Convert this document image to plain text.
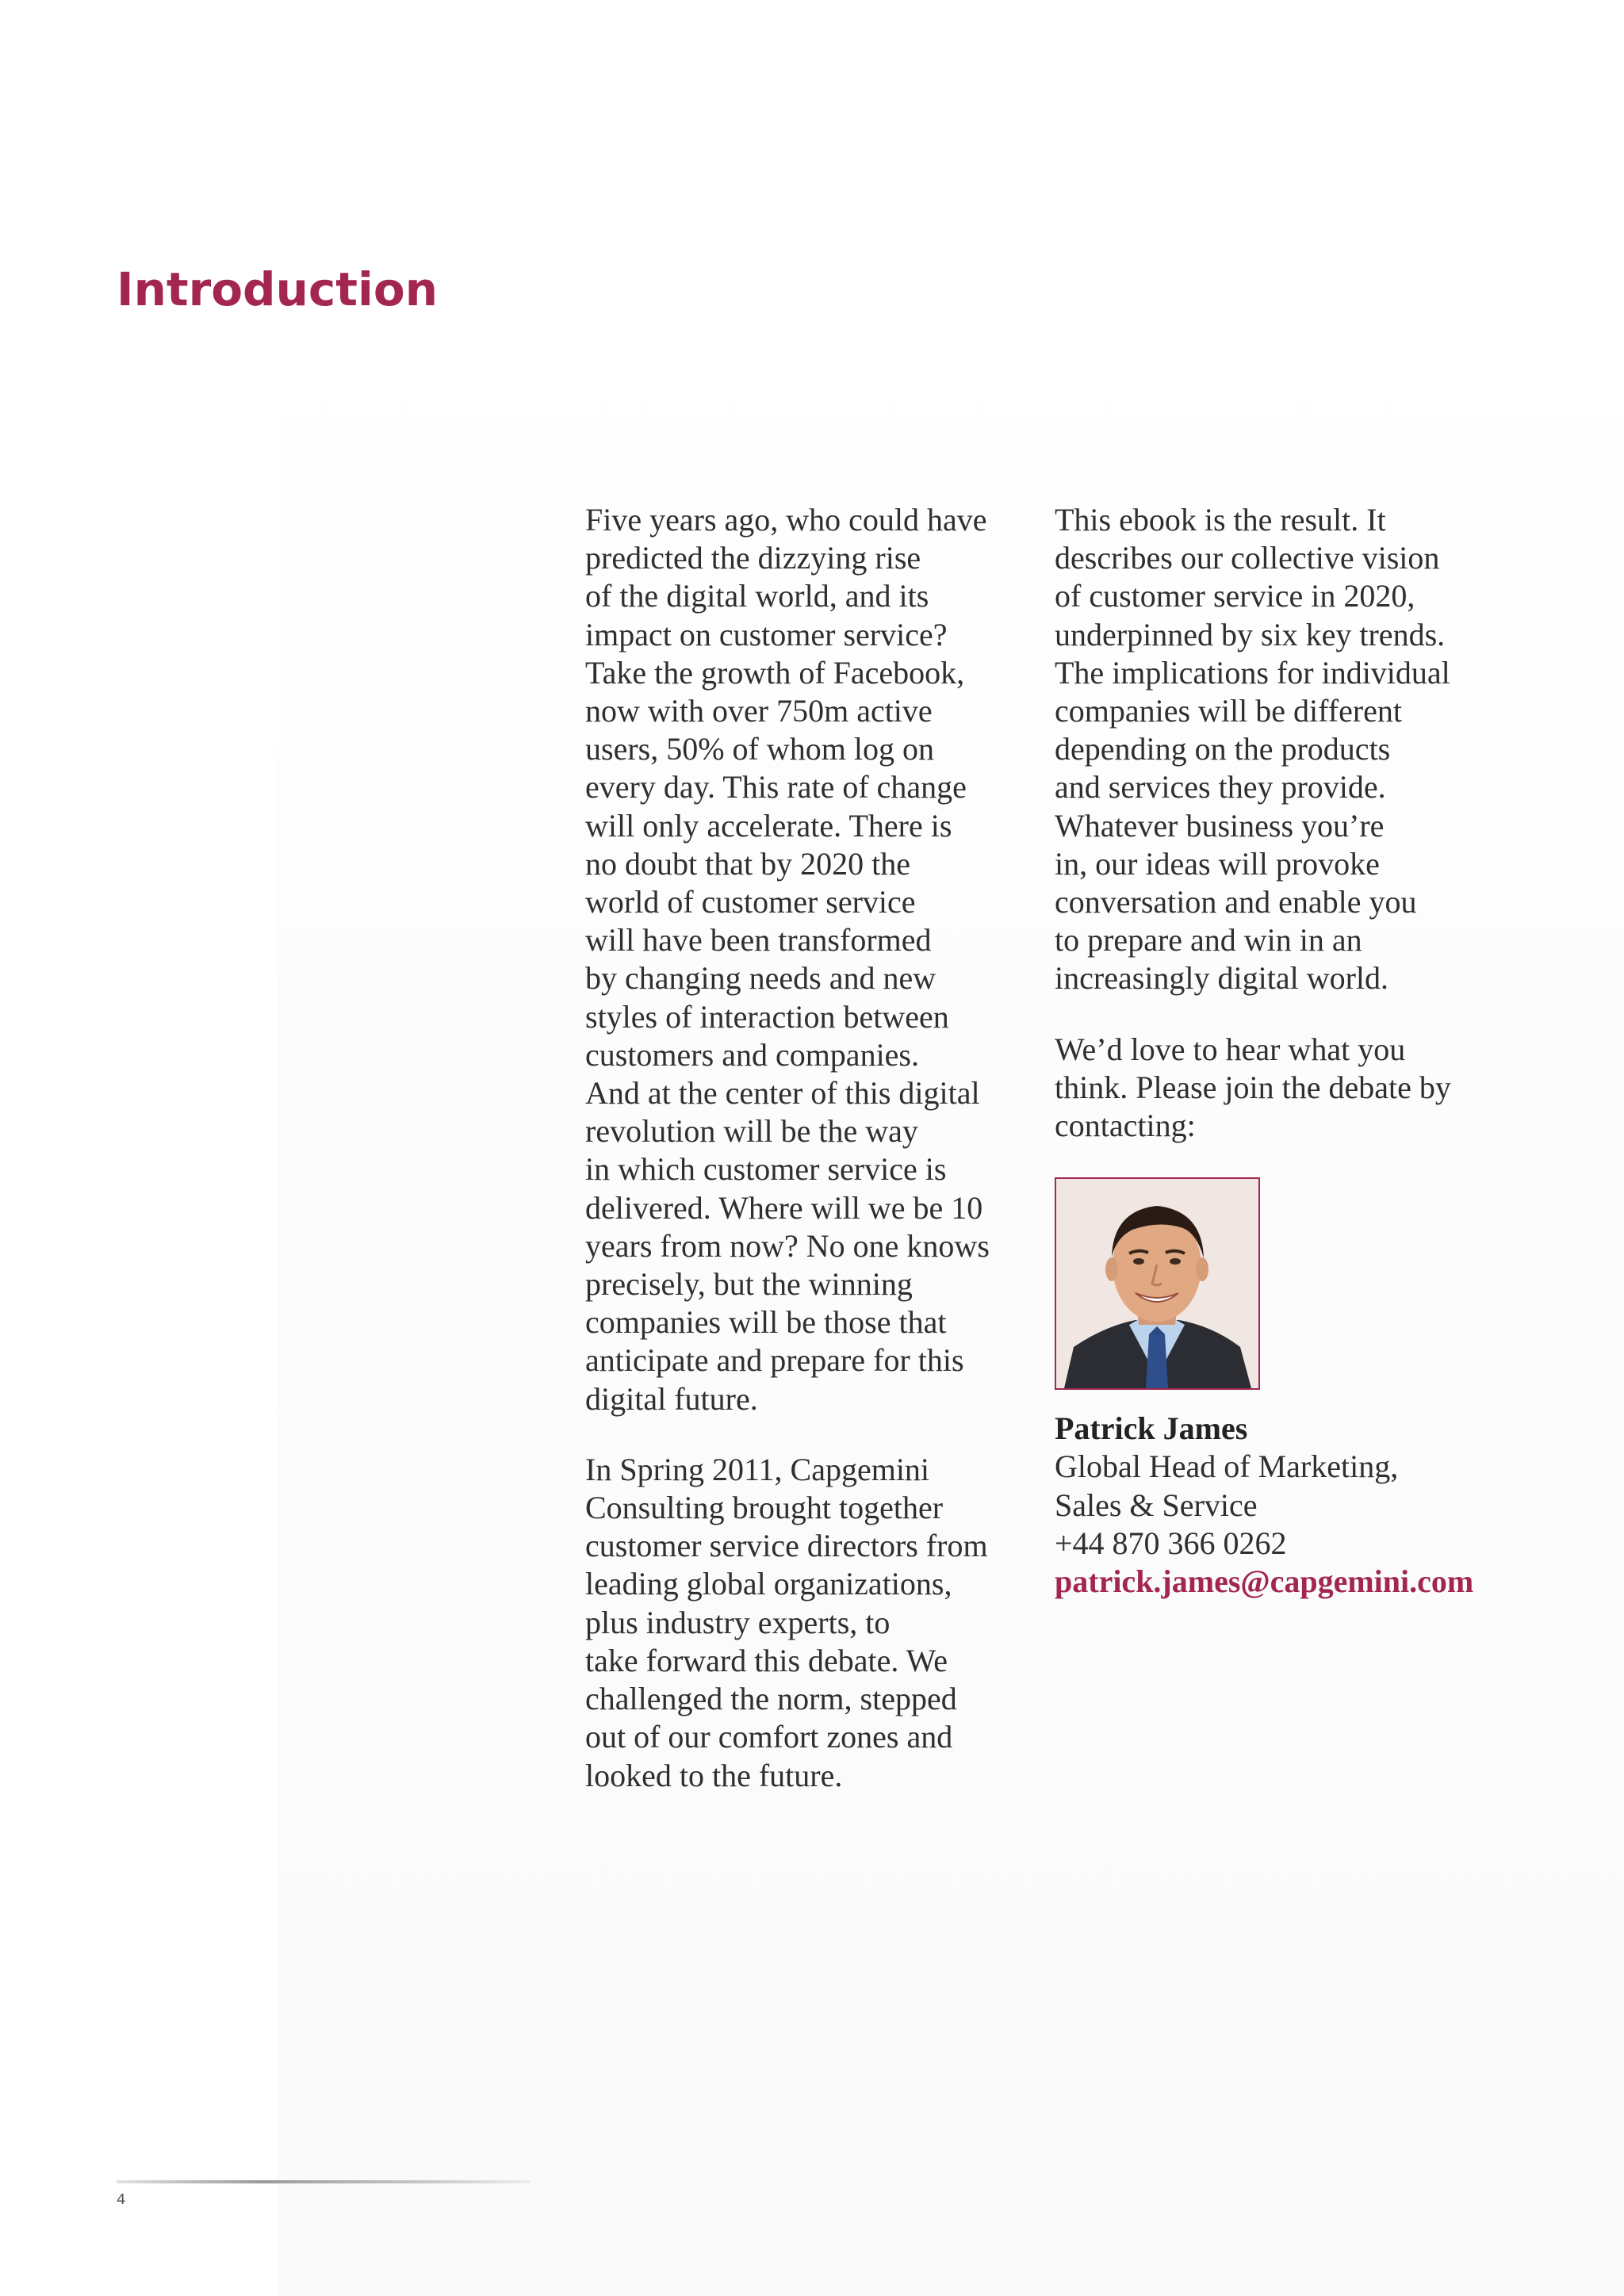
Introduction

Five years ago, who could have
predicted the dizzying rise
of the digital world, and its
impact on customer service?
Take the growth of Facebook,
now with over 750m active
users, 50% of whom log on
every day. This rate of change
will only accelerate. There is
no doubt that by 2020 the
world of customer service
will have been transformed
by changing needs and new
styles of interaction between
customers and companies.
And at the center of this digital
revolution will be the way
in which customer service is
delivered. Where will we be 10
years from now? No one knows
precisely, but the winning
companies will be those that
anticipate and prepare for this
digital future.

In Spring 2011, Capgemini
Consulting brought together
customer service directors from
leading global organizations,
plus industry experts, to
take forward this debate. We
challenged the norm, stepped
out of our comfort zones and
looked to the future.

This ebook is the result. It
describes our collective vision
of customer service in 2020,
underpinned by six key trends.
The implications for individual
companies will be different
depending on the products
and services they provide.
Whatever business you’re
in, our ideas will provoke
conversation and enable you
to prepare and win in an
increasingly digital world.

We’d love to hear what you
think. Please join the debate by
contacting:

Patrick James
Global Head of Marketing,
Sales & Service
+44 870 366 0262
patrick.james@capgemini.com
4
